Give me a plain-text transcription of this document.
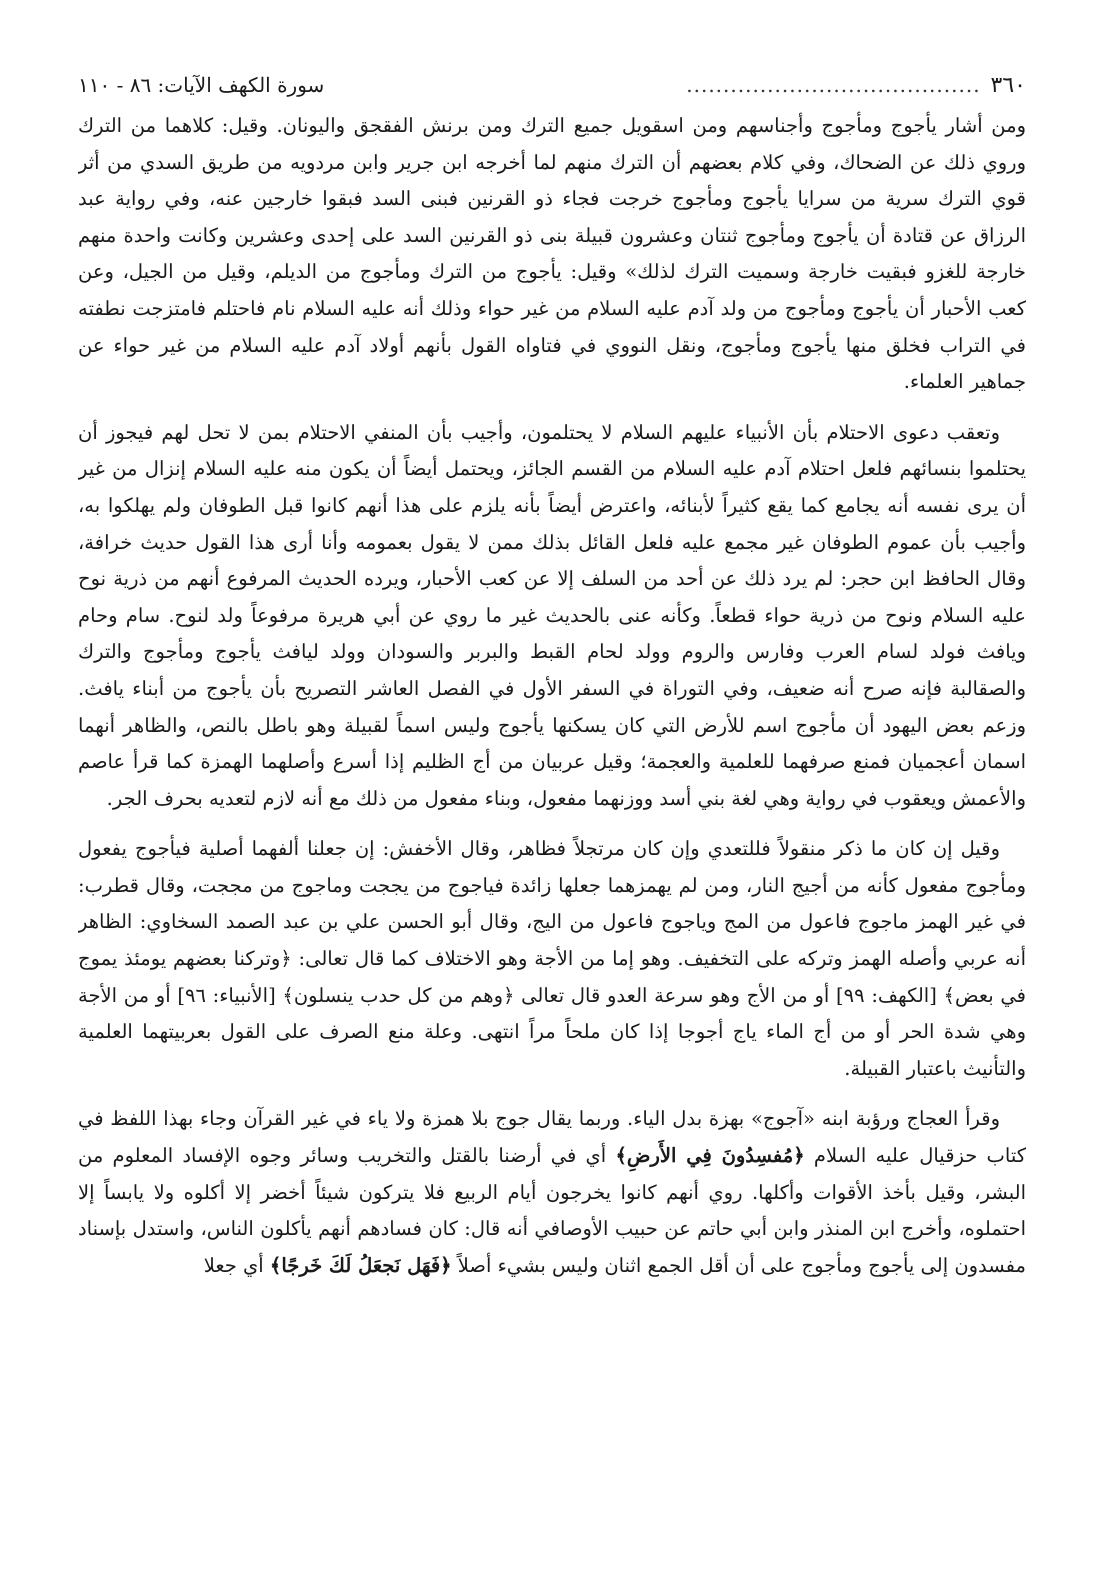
٣٦٠
........................................
سورة الكهف الآيات: ٨٦ - ١١٠

ومن أشار يأجوج ومأجوج وأجناسهم ومن اسقويل جميع الترك ومن برنش الفقجق واليونان. وقيل: كلاهما من الترك وروي ذلك عن الضحاك، وفي كلام بعضهم أن الترك منهم لما أخرجه ابن جرير وابن مردويه من طريق السدي من أثر قوي الترك سرية من سرايا يأجوج ومأجوج خرجت فجاء ذو القرنين فبنى السد فبقوا خارجين عنه، وفي رواية عبد الرزاق عن قتادة أن يأجوج ومأجوج ثنتان وعشرون قبيلة بنى ذو القرنين السد على إحدى وعشرين وكانت واحدة منهم خارجة للغزو فبقيت خارجة وسميت الترك لذلك» وقيل: يأجوج من الترك ومأجوج من الديلم، وقيل من الجيل، وعن كعب الأحبار أن يأجوج ومأجوج من ولد آدم عليه السلام من غير حواء وذلك أنه عليه السلام نام فاحتلم فامتزجت نطفته في التراب فخلق منها يأجوج ومأجوج، ونقل النووي في فتاواه القول بأنهم أولاد آدم عليه السلام من غير حواء عن جماهير العلماء.

وتعقب دعوى الاحتلام بأن الأنبياء عليهم السلام لا يحتلمون، وأجيب بأن المنفي الاحتلام بمن لا تحل لهم فيجوز أن يحتلموا بنسائهم فلعل احتلام آدم عليه السلام من القسم الجائز، ويحتمل أيضاً أن يكون منه عليه السلام إنزال من غير أن يرى نفسه أنه يجامع كما يقع كثيراً لأبنائه، واعترض أيضاً بأنه يلزم على هذا أنهم كانوا قبل الطوفان ولم يهلكوا به، وأجيب بأن عموم الطوفان غير مجمع عليه فلعل القائل بذلك ممن لا يقول بعمومه وأنا أرى هذا القول حديث خرافة، وقال الحافظ ابن حجر: لم يرد ذلك عن أحد من السلف إلا عن كعب الأحبار، ويرده الحديث المرفوع أنهم من ذرية نوح عليه السلام ونوح من ذرية حواء قطعاً. وكأنه عنى بالحديث غير ما روي عن أبي هريرة مرفوعاً ولد لنوح. سام وحام ويافث فولد لسام العرب وفارس والروم وولد لحام القبط والبربر والسودان وولد ليافث يأجوج ومأجوج والترك والصقالبة فإنه صرح أنه ضعيف، وفي التوراة في السفر الأول في الفصل العاشر التصريح بأن يأجوج من أبناء يافث. وزعم بعض اليهود أن مأجوج اسم للأرض التي كان يسكنها يأجوج وليس اسماً لقبيلة وهو باطل بالنص، والظاهر أنهما اسمان أعجميان فمنع صرفهما للعلمية والعجمة؛ وقيل عربيان من أج الظليم إذا أسرع وأصلهما الهمزة كما قرأ عاصم والأعمش ويعقوب في رواية وهي لغة بني أسد ووزنهما مفعول، وبناء مفعول من ذلك مع أنه لازم لتعديه بحرف الجر.

وقيل إن كان ما ذكر منقولاً فللتعدي وإن كان مرتجلاً فظاهر، وقال الأخفش: إن جعلنا ألفهما أصلية فيأجوج يفعول ومأجوج مفعول كأنه من أجيج النار، ومن لم يهمزهما جعلها زائدة فياجوج من يججت وماجوج من مججت، وقال قطرب: في غير الهمز ماجوج فاعول من المج وياجوج فاعول من اليج، وقال أبو الحسن علي بن عبد الصمد السخاوي: الظاهر أنه عربي وأصله الهمز وتركه على التخفيف. وهو إما من الأجة وهو الاختلاف كما قال تعالى: ﴿وتركنا بعضهم يومئذ يموج في بعض﴾ [الكهف: ٩٩] أو من الأج وهو سرعة العدو قال تعالى ﴿وهم من كل حدب ينسلون﴾ [الأنبياء: ٩٦] أو من الأجة وهي شدة الحر أو من أج الماء ياج أجوجا إذا كان ملحاً مراً انتهى. وعلة منع الصرف على القول بعربيتهما العلمية والتأنيث باعتبار القبيلة.

وقرأ العجاج ورؤبة ابنه «آجوج» بهزة بدل الياء. وربما يقال جوج بلا همزة ولا ياء في غير القرآن وجاء بهذا اللفظ في كتاب حزقيال عليه السلام ﴿مُفسِدُونَ فِي الأَرضِ﴾ أي في أرضنا بالقتل والتخريب وسائر وجوه الإفساد المعلوم من البشر، وقيل بأخذ الأقوات وأكلها. روي أنهم كانوا يخرجون أيام الربيع فلا يتركون شيئاً أخضر إلا أكلوه ولا يابساً إلا احتملوه، وأخرج ابن المنذر وابن أبي حاتم عن حبيب الأوصافي أنه قال: كان فسادهم أنهم يأكلون الناس، واستدل بإسناد مفسدون إلى يأجوج ومأجوج على أن أقل الجمع اثنان وليس بشيء أصلاً ﴿فَهَل نَجعَلُ لَكَ خَرجًا﴾ أي جعلا
